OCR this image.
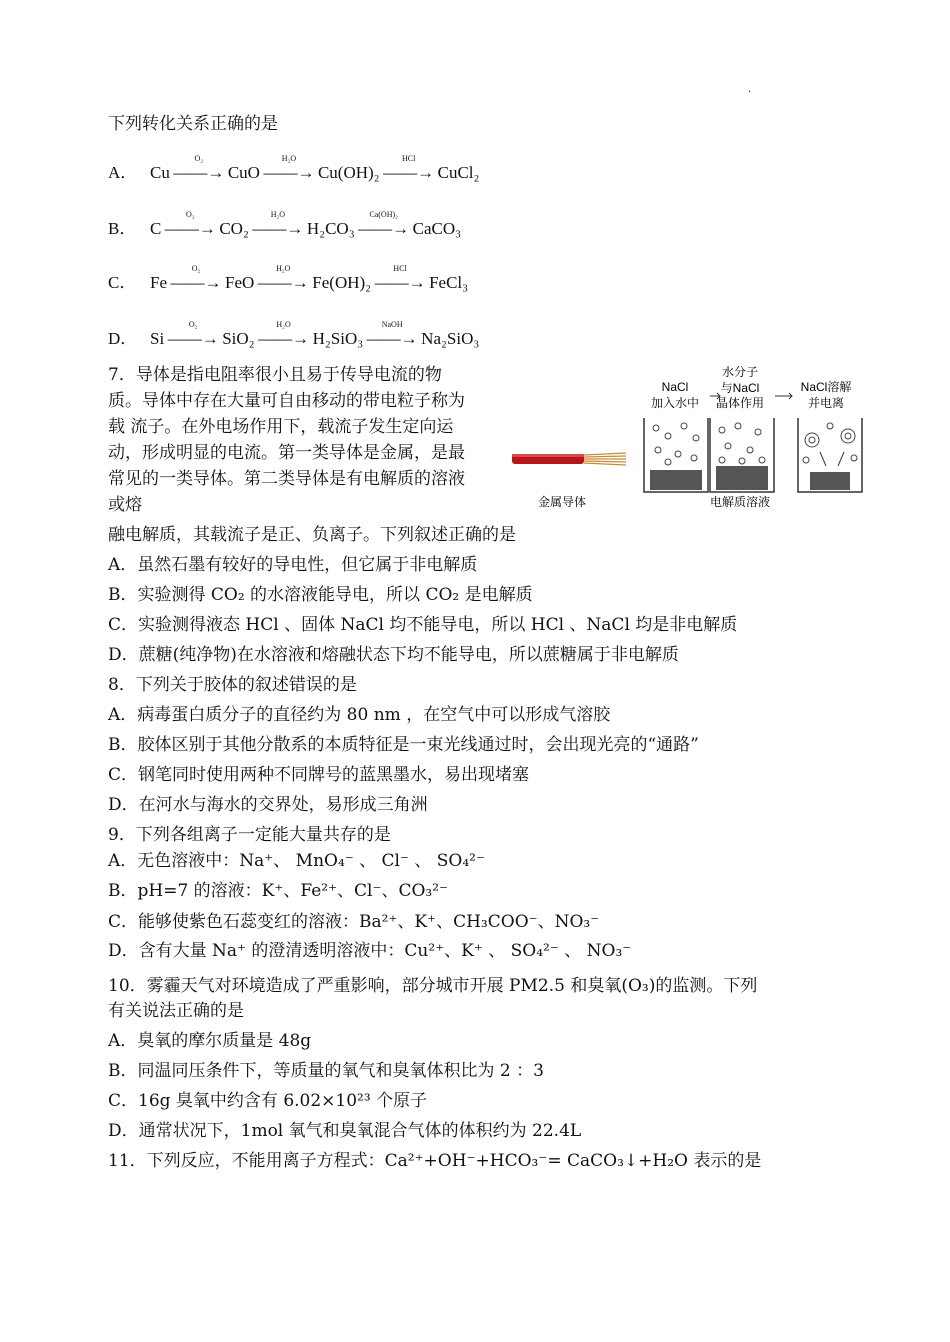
.
下列转化关系正确的是
A． Cu
O₂
——→ CuO
H₂O
——→ Cu(OH)₂
HCl
——→ CuCl₂
B． C
O₂
——→ CO₂
H₂O
——→ H₂CO₃
Ca(OH)₂
——→ CaCO₃
C． Fe
O₂
——→ FeO
H₂O
——→ Fe(OH)₂
HCl
——→ FeCl₃
D． Si
O₂
——→ SiO₂
H₂O
——→ H₂SiO₃
NaOH
——→ Na₂SiO₃
7．导体是指电阻率很小且易于传导电流的物
质。导体中存在大量可自由移动的带电粒子称为
载 流子。在外电场作用下，载流子发生定向运
动，形成明显的电流。第一类导体是金属，是最
常见的一类导体。第二类导体是有电解质的溶液
或熔
融电解质，其载流子是正、负离子。下列叙述正确的是
金属导体
NaCl
加入水中
水分子
与NaCl
晶体作用
NaCl溶解
并电离
电解质溶液
A．虽然石墨有较好的导电性，但它属于非电解质
B．实验测得 CO₂ 的水溶液能导电，所以 CO₂ 是电解质
C．实验测得液态 HCl 、固体 NaCl 均不能导电，所以 HCl 、NaCl 均是非电解质
D．蔗糖(纯净物)在水溶液和熔融状态下均不能导电，所以蔗糖属于非电解质
8．下列关于胶体的叙述错误的是
A．病毒蛋白质分子的直径约为 80 nm ，在空气中可以形成气溶胶
B．胶体区别于其他分散系的本质特征是一束光线通过时，会出现光亮的“通路”
C．钢笔同时使用两种不同牌号的蓝黑墨水，易出现堵塞
D．在河水与海水的交界处，易形成三角洲
9．下列各组离子一定能大量共存的是
A．无色溶液中：Na⁺、 MnO₄⁻ 、 Cl⁻ 、 SO₄²⁻
B．pH=7 的溶液：K⁺、Fe²⁺、Cl⁻、CO₃²⁻
C．能够使紫色石蕊变红的溶液：Ba²⁺、K⁺、CH₃COO⁻、NO₃⁻
D．含有大量 Na⁺ 的澄清透明溶液中：Cu²⁺、K⁺ 、 SO₄²⁻ 、 NO₃⁻
10．雾霾天气对环境造成了严重影响，部分城市开展 PM2.5 和臭氧(O₃)的监测。下列
有关说法正确的是
A．臭氧的摩尔质量是 48g
B．同温同压条件下，等质量的氧气和臭氧体积比为 2 ：3
C．16g 臭氧中约含有 6.02×10²³ 个原子
D．通常状况下，1mol 氧气和臭氧混合气体的体积约为 22.4L
11．下列反应，不能用离子方程式：Ca²⁺+OH⁻+HCO₃⁻= CaCO₃↓+H₂O 表示的是
